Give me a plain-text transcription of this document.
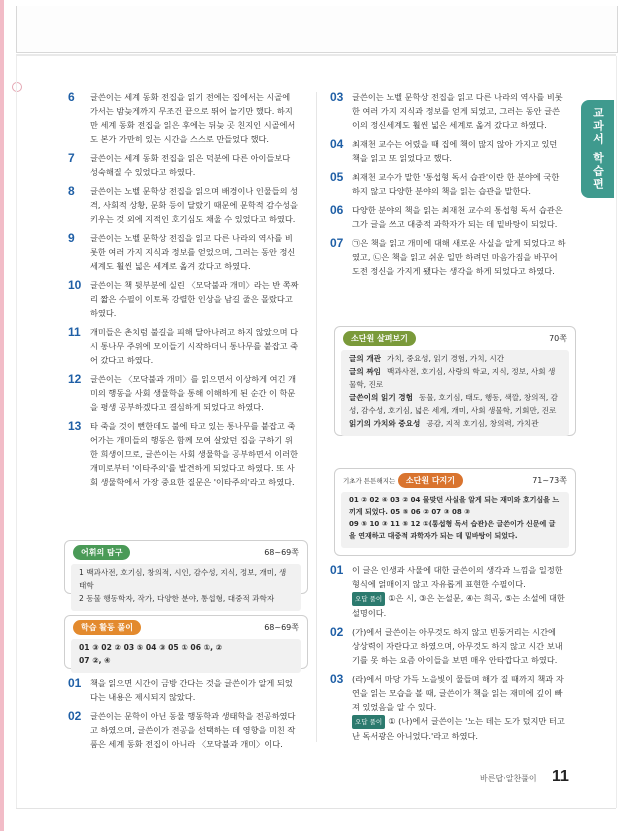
교과서 학습편
6 글쓴이는 세계 동화 전집을 읽기 전에는 집에서는 시골에 가서는 밤늦게까지 무조건 끝으로 뛰어 놀기만 했다. 하지만 세계 동화 전집을 읽은 후에는 뒤늦 곳 친지인 시골에서도 본가 가만히 있는 시간을 스스로 만들었다 했다.

7 글쓴이는 세계 동화 전집을 읽은 덕분에 다른 아이들보다 성숙해질 수 있었다고 하였다.

8 글쓴이는 노벨 문학상 전집을 읽으며 배경이나 인물들의 성격, 사회적 상황, 문화 등이 달랐기 때문에 문학적 감수성을 키우는 것 외에 지적인 호기심도 채울 수 있었다고 하였다.

9 글쓴이는 노벨 문학상 전집을 읽고 다른 나라의 역사를 비롯한 여러 가지 지식과 정보를 얻었으며, 그러는 동안 정신 세계도 훨씬 넓은 세계로 옮겨 갔다고 하였다.

10 글쓴이는 책 뒷부분에 실린 〈모닥불과 개미〉라는 반 쪽짜리 짧은 수필이 이토록 강렬한 인상을 남길 줄은 몰랐다고 하였다.

11 개미들은 촌치럼 불길을 피해 달아나려고 하지 않았으며 다시 통나무 주위에 모이들기 시작하더니 통나무를 붙잡고 죽어 갔다고 하였다.

12 글쓴이는 〈모닥불과 개미〉를 읽으면서 이상하게 여긴 개미의 행동을 사회 생물학을 통해 이해하게 된 순간 이 학문을 평생 공부하겠다고 결심하게 되었다고 하였다.

13 타 죽을 것이 뻔한데도 불에 타고 있는 통나무를 붙잡고 죽어가는 개미들의 행동은 함께 모여 살았던 집을 구하기 위한 희생이므로, 글쓴이는 사회 생물학을 공부하면서 이러한 개미로부터 '이타주의'를 발견하게 되었다고 하였다. 또 사회 생물학에서 가장 중요한 질문은 '이타주의'라고 하였다.

어휘의 탐구	68~69쪽
1 백과사전, 호기심, 창의적, 시인, 감수성, 지식, 정보, 개미, 생태학
2 동물 행동학자, 작가, 다양한 분야, 통섭형, 대중적 과학자
학습 활동 풀이	68~69쪽
01 ③ 02 ② 03 ⑤ 04 ③ 05 ① 06 ①, ②
07 ②, ④
01 책을 읽으면 시간이 금방 간다는 것을 글쓴이가 알게 되었다는 내용은 제시되지 않았다.

02 글쓴이는 문학이 아닌 동물 행동학과 생태학을 전공하였다고 하였으며, 글쓴이가 전공을 선택하는 데 영향을 미친 작품은 세계 동화 전집이 아니라 〈모닥불과 개미〉이다.

03 글쓴이는 노벨 문학상 전집을 읽고 다른 나라의 역사를 비롯한 여러 가지 지식과 정보를 얻게 되었고, 그러는 동안 글쓴이의 정신세계도 훨씬 넓은 세계로 옮겨 갔다고 하였다.

04 최재천 교수는 어렸을 때 집에 책이 많지 않아 가지고 있던 책을 읽고 또 읽었다고 했다.

05 최재천 교수가 말한 '통섭형 독서 습관'이란 한 분야에 국한하지 않고 다양한 분야의 책을 읽는 습관을 말한다.

06 다양한 분야의 책을 읽는 최재천 교수의 통섭형 독서 습관은 그가 글을 쓰고 대중적 과학자가 되는 데 밑바탕이 되었다.

07 ㉠은 책을 읽고 개미에 대해 새로운 사실을 알게 되었다고 하였고, ㉡은 책을 읽고 쉬운 일만 하려던 마음가짐을 바꾸어 도전 정신을 가지게 됐다는 생각을 하게 되었다고 하였다.

소단원 살펴보기	70쪽
글의 개관 가치, 중요성, 읽기 경험, 가치, 시간
글의 짜임 백과사전, 호기심, 사랑의 학교, 지식, 정보, 사회 생물학, 진로
글쓴이의 읽기 경험 동물, 호기심, 태도, 행동, 색깔, 창의적, 감성, 감수성, 호기심, 넓은 세계, 개미, 사회 생물학, 기회만, 진로
읽기의 가치와 중요성 공감, 지적 호기심, 창의력, 가치관
기초가 튼튼해지는 소단원 다지기	71~73쪽
01 ② 02 ④ 03 ② 04 물맞던 사실을 알게 되는 재미와 호기심을 느끼게 되었다. 05 ⑤ 06 ② 07 ③ 08 ③
09 ⑤ 10 ③ 11 ⑤ 12 ①(통섭형 독서 습관)은 글쓴이가 신문에 글을 연재하고 대중적 과학자가 되는 데 밑바탕이 되었다.
01 이 글은 인생과 사물에 대한 글쓴이의 생각과 느낌을 일정한 형식에 얽매이지 않고 자유롭게 표현한 수필이다.

오답 풀이 ①은 시, ③은 논설문, ④는 희곡, ⑤는 소설에 대한 설명이다.

02 (가)에서 글쓴이는 아무것도 하지 않고 빈둥거리는 시간에 상상력이 자란다고 하였으며, 아무것도 하지 않고 시간 보내기를 못 하는 요즘 아이들을 보면 매우 안타깝다고 하였다.

03 (라)에서 마당 가득 노을빛이 물들며 해가 질 때까지 책과 자연을 읽는 모습을 볼 때, 글쓴이가 책을 읽는 재미에 깊이 빠져 있었음을 알 수 있다.

오답 풀이 ① (나)에서 글쓴이는 '노는 데는 도가 텄지만 터고난 독서광은 아니었다.'라고 하였다.

바른답·알찬풀이 11
